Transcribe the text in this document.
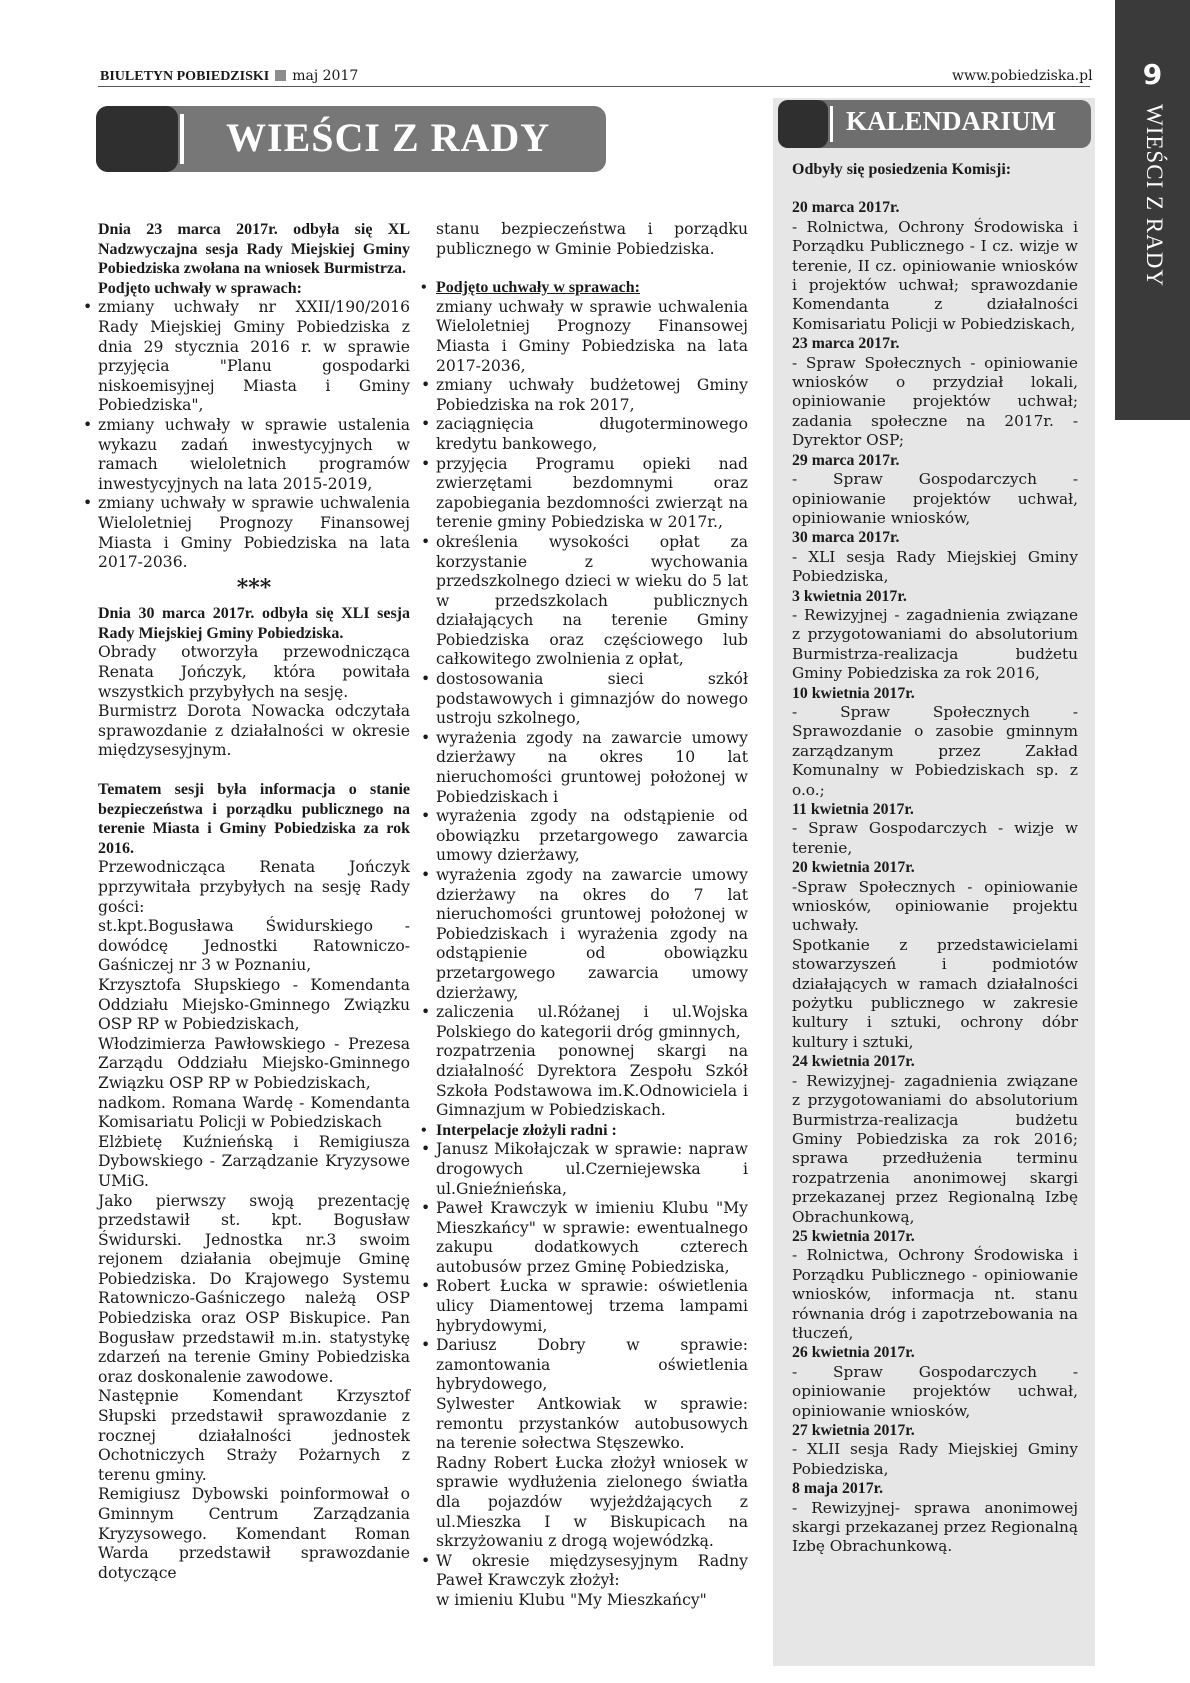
BIULETYN POBIEDZISKI maj 2017	www.pobiedziska.pl	9
WIEŚCI Z RADY
WIEŚCI Z RADY	KALENDARIUM

Dnia 23 marca 2017r. odbyła się XL Nadzwyczajna sesja Rady Miejskiej Gminy Pobiedziska zwołana na wniosek Burmistrza.

Podjęto uchwały w sprawach:

• zmiany uchwały nr XXII/190/2016 Rady Miejskiej Gminy Pobiedziska z dnia 29 stycznia 2016 r. w sprawie przyjęcia "Planu gospodarki niskoemisyjnej Miasta i Gminy Pobiedziska",

• zmiany uchwały w sprawie ustalenia wykazu zadań inwestycyjnych w ramach wieloletnich programów inwestycyjnych na lata 2015-2019,

• zmiany uchwały w sprawie uchwalenia Wieloletniej Prognozy Finansowej Miasta i Gminy Pobiedziska na lata 2017-2036.

***

Dnia 30 marca 2017r. odbyła się XLI sesja Rady Miejskiej Gminy Pobiedziska.

Obrady otworzyła przewodnicząca Renata Jończyk, która powitała wszystkich przybyłych na sesję.

Burmistrz Dorota Nowacka odczytała sprawozdanie z działalności w okresie międzysesyjnym.

Tematem sesji była informacja o stanie bezpieczeństwa i porządku publicznego na terenie Miasta i Gminy Pobiedziska za rok 2016.

Przewodnicząca Renata Jończyk pprzywitała przybyłych na sesję Rady gości:

st.kpt.Bogusława Świdurskiego - dowódcę Jednostki Ratowniczo-Gaśniczej nr 3 w Poznaniu,

Krzysztofa Słupskiego - Komendanta Oddziału Miejsko-Gminnego Związku OSP RP w Pobiedziskach,

Włodzimierza Pawłowskiego - Prezesa Zarządu Oddziału Miejsko-Gminnego Związku OSP RP w Pobiedziskach,

nadkom. Romana Wardę - Komendanta Komisariatu Policji w Pobiedziskach

Elżbietę Kuźnieńską i Remigiusza Dybowskiego - Zarządzanie Kryzysowe UMiG.

Jako pierwszy swoją prezentację przedstawił st. kpt. Bogusław Świdurski. Jednostka nr.3 swoim rejonem działania obejmuje Gminę Pobiedziska. Do Krajowego Systemu Ratowniczo-Gaśniczego należą OSP Pobiedziska oraz OSP Biskupice. Pan Bogusław przedstawił m.in. statystykę zdarzeń na terenie Gminy Pobiedziska oraz doskonalenie zawodowe.

Następnie Komendant Krzysztof Słupski przedstawił sprawozdanie z rocznej działalności jednostek Ochotniczych Straży Pożarnych z terenu gminy.

Remigiusz Dybowski poinformował o Gminnym Centrum Zarządzania Kryzysowego. Komendant Roman Warda przedstawił sprawozdanie dotyczące

stanu bezpieczeństwa i porządku publicznego w Gminie Pobiedziska.

• Podjęto uchwały w sprawach:

zmiany uchwały w sprawie uchwalenia Wieloletniej Prognozy Finansowej Miasta i Gminy Pobiedziska na lata 2017-2036,

• zmiany uchwały budżetowej Gminy Pobiedziska na rok 2017,

• zaciągnięcia długoterminowego kredytu bankowego,

• przyjęcia Programu opieki nad zwierzętami bezdomnymi oraz zapobiegania bezdomności zwierząt na terenie gminy Pobiedziska w 2017r.,

• określenia wysokości opłat za korzystanie z wychowania przedszkolnego dzieci w wieku do 5 lat w przedszkolach publicznych działających na terenie Gminy Pobiedziska oraz częściowego lub całkowitego zwolnienia z opłat,

• dostosowania sieci szkół podstawowych i gimnazjów do nowego ustroju szkolnego,

• wyrażenia zgody na zawarcie umowy dzierżawy na okres 10 lat nieruchomości gruntowej położonej w Pobiedziskach i

• wyrażenia zgody na odstąpienie od obowiązku przetargowego zawarcia umowy dzierżawy,

• wyrażenia zgody na zawarcie umowy dzierżawy na okres do 7 lat nieruchomości gruntowej położonej w Pobiedziskach i wyrażenia zgody na odstąpienie od obowiązku przetargowego zawarcia umowy dzierżawy,

• zaliczenia ul.Różanej i ul.Wojska Polskiego do kategorii dróg gminnych,

rozpatrzenia ponownej skargi na działalność Dyrektora Zespołu Szkół Szkoła Podstawowa im.K.Odnowiciela i Gimnazjum w Pobiedziskach.

• Interpelacje złożyli radni :

• Janusz Mikołajczak w sprawie: napraw drogowych ul.Czerniejewska i ul.Gnieźnieńska,

• Paweł Krawczyk w imieniu Klubu "My Mieszkańcy" w sprawie: ewentualnego zakupu dodatkowych czterech autobusów przez Gminę Pobiedziska,

• Robert Łucka w sprawie: oświetlenia ulicy Diamentowej trzema lampami hybrydowymi,

• Dariusz Dobry w sprawie: zamontowania oświetlenia hybrydowego,

Sylwester Antkowiak w sprawie: remontu przystanków autobusowych na terenie sołectwa Stęszewko.

Radny Robert Łucka złożył wniosek w sprawie wydłużenia zielonego światła dla pojazdów wyjeżdżających z ul.Mieszka I w Biskupicach na skrzyżowaniu z drogą wojewódzką.

• W okresie międzysesyjnym Radny Paweł Krawczyk złożył:

w imieniu Klubu "My Mieszkańcy"

Odbyły się posiedzenia Komisji:

20 marca 2017r.

- Rolnictwa, Ochrony Środowiska i Porządku Publicznego - I cz. wizje w terenie, II cz. opiniowanie wniosków i projektów uchwał; sprawozdanie Komendanta z działalności Komisariatu Policji w Pobiedziskach,

23 marca 2017r.

- Spraw Społecznych - opiniowanie wniosków o przydział lokali, opiniowanie projektów uchwał; zadania społeczne na 2017r. - Dyrektor OSP;

29 marca 2017r.

- Spraw Gospodarczych - opiniowanie projektów uchwał, opiniowanie wniosków,

30 marca 2017r.

- XLI sesja Rady Miejskiej Gminy Pobiedziska,

3 kwietnia 2017r.

- Rewizyjnej - zagadnienia związane z przygotowaniami do absolutorium Burmistrza-realizacja budżetu Gminy Pobiedziska za rok 2016,

10 kwietnia 2017r.

- Spraw Społecznych - Sprawozdanie o zasobie gminnym zarządzanym przez Zakład Komunalny w Pobiedziskach sp. z o.o.;

11 kwietnia 2017r.

- Spraw Gospodarczych - wizje w terenie,

20 kwietnia 2017r.

-Spraw Społecznych - opiniowanie wniosków, opiniowanie projektu uchwały.

Spotkanie z przedstawicielami stowarzyszeń i podmiotów działających w ramach działalności pożytku publicznego w zakresie kultury i sztuki, ochrony dóbr kultury i sztuki,

24 kwietnia 2017r.

- Rewizyjnej- zagadnienia związane z przygotowaniami do absolutorium Burmistrza-realizacja budżetu Gminy Pobiedziska za rok 2016; sprawa przedłużenia terminu rozpatrzenia anonimowej skargi przekazanej przez Regionalną Izbę Obrachunkową,

25 kwietnia 2017r.

- Rolnictwa, Ochrony Środowiska i Porządku Publicznego - opiniowanie wniosków, informacja nt. stanu równania dróg i zapotrzebowania na tłuczeń,

26 kwietnia 2017r.

- Spraw Gospodarczych - opiniowanie projektów uchwał, opiniowanie wniosków,

27 kwietnia 2017r.

- XLII sesja Rady Miejskiej Gminy Pobiedziska,

8 maja 2017r.

- Rewizyjnej- sprawa anonimowej skargi przekazanej przez Regionalną Izbę Obrachunkową.
